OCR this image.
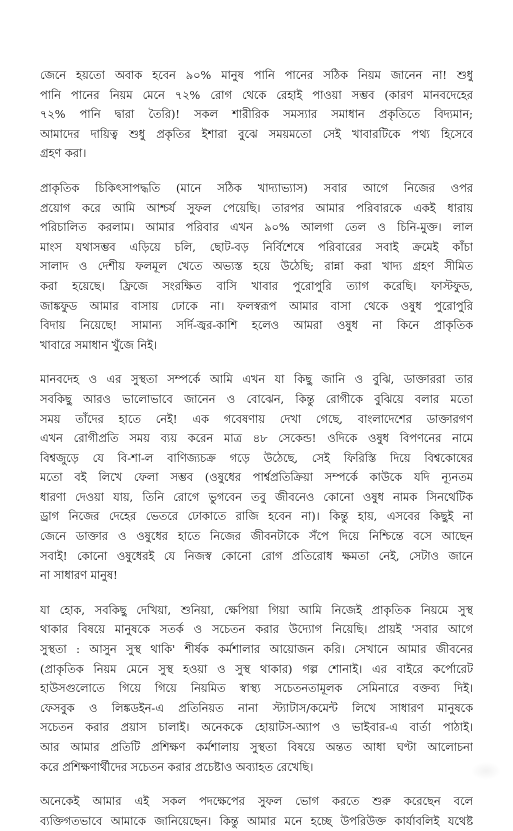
জেনে হয়তো অবাক হবেন ৯০% মানুষ পানি পানের সঠিক নিয়ম জানেন না! শুধু
পানি পানের নিয়ম মেনে ৭২% রোগ থেকে রেহাই পাওয়া সম্ভব (কারণ মানবদেহের
৭২% পানি দ্বারা তৈরি)! সকল শারীরিক সমস্যার সমাধান প্রকৃতিতে বিদ্যমান;
আমাদের দায়িত্ব শুধু প্রকৃতির ইশারা বুঝে সময়মতো সেই খাবারটিকে পথ্য হিসেবে
গ্রহণ করা।
প্রাকৃতিক চিকিৎসাপদ্ধতি (মানে সঠিক খাদ্যাভ্যাস) সবার আগে নিজের ওপর
প্রয়োগ করে আমি আশ্চর্য সুফল পেয়েছি। তারপর আমার পরিবারকে একই ধারায়
পরিচালিত করলাম। আমার পরিবার এখন ৯০% আলগা তেল ও চিনি-মুক্ত। লাল
মাংস যথাসম্ভব এড়িয়ে চলি, ছোট-বড় নির্বিশেষে পরিবারের সবাই ক্রমেই কাঁচা
সালাদ ও দেশীয় ফলমূল খেতে অভ্যস্ত হয়ে উঠেছি; রান্না করা খাদ্য গ্রহণ সীমিত
করা হয়েছে। ফ্রিজে সংরক্ষিত বাসি খাবার পুরোপুরি ত্যাগ করেছি। ফাস্টফুড,
জাঙ্কফুড আমার বাসায় ঢোকে না। ফলস্বরূপ আমার বাসা থেকে ওষুধ পুরোপুরি
বিদায় নিয়েছে! সামান্য সর্দি-জ্বর-কাশি হলেও আমরা ওষুধ না কিনে প্রাকৃতিক
খাবারে সমাধান খুঁজে নিই।
মানবদেহ ও এর সুস্থতা সম্পর্কে আমি এখন যা কিছু জানি ও বুঝি, ডাক্তাররা তার
সবকিছু আরও ভালোভাবে জানেন ও বোঝেন, কিন্তু রোগীকে বুঝিয়ে বলার মতো
সময় তাঁদের হাতে নেই! এক গবেষণায় দেখা গেছে, বাংলাদেশের ডাক্তারগণ
এখন রোগীপ্রতি সময় ব্যয় করেন মাত্র ৪৮ সেকেন্ড! ওদিকে ওষুধ বিপণনের নামে
বিশ্বজুড়ে যে বি-শা-ল বাণিজ্যচক্র গড়ে উঠেছে, সেই ফিরিস্তি দিয়ে বিশ্বকোষের
মতো বই লিখে ফেলা সম্ভব (ওষুধের পার্শ্বপ্রতিক্রিয়া সম্পর্কে কাউকে যদি ন্যূনতম
ধারণা দেওয়া যায়, তিনি রোগে ভুগবেন তবু জীবনেও কোনো ওষুধ নামক সিনথেটিক
ড্রাগ নিজের দেহের ভেতরে ঢোকাতে রাজি হবেন না)। কিন্তু হায়, এসবের কিছুই না
জেনে ডাক্তার ও ওষুধের হাতে নিজের জীবনটাকে সঁপে দিয়ে নিশ্চিন্তে বসে আছেন
সবাই! কোনো ওষুধেরই যে নিজস্ব কোনো রোগ প্রতিরোধ ক্ষমতা নেই, সেটাও জানে
না সাধারণ মানুষ!
যা হোক, সবকিছু দেখিয়া, শুনিয়া, ক্ষেপিয়া গিয়া আমি নিজেই প্রাকৃতিক নিয়মে সুস্থ
থাকার বিষয়ে মানুষকে সতর্ক ও সচেতন করার উদ্যোগ নিয়েছি। প্রায়ই 'সবার আগে
সুস্থতা : আসুন সুস্থ থাকি' শীর্ষক কর্মশালার আয়োজন করি। সেখানে আমার জীবনের
(প্রাকৃতিক নিয়ম মেনে সুস্থ হওয়া ও সুস্থ থাকার) গল্প শোনাই। এর বাইরে কর্পোরেট
হাউসগুলোতে গিয়ে গিয়ে নিয়মিত স্বাস্থ্য সচেতনতামূলক সেমিনারে বক্তব্য দিই।
ফেসবুক ও লিঙ্কডইন-এ প্রতিনিয়ত নানা স্ট্যাটাস/কমেন্ট লিখে সাধারণ মানুষকে
সচেতন করার প্রয়াস চালাই। অনেককে হোয়াটস-অ্যাপ ও ভাইবার-এ বার্তা পাঠাই।
আর আমার প্রতিটি প্রশিক্ষণ কর্মশালায় সুস্থতা বিষয়ে অন্তত আধা ঘণ্টা আলোচনা
করে প্রশিক্ষণার্থীদের সচেতন করার প্রচেষ্টাও অব্যাহত রেখেছি।
অনেকেই আমার এই সকল পদক্ষেপের সুফল ভোগ করতে শুরু করেছেন বলে
ব্যক্তিগতভাবে আমাকে জানিয়েছেন। কিন্তু আমার মনে হচ্ছে উপরিউক্ত কার্যাবলিই যথেষ্ট
